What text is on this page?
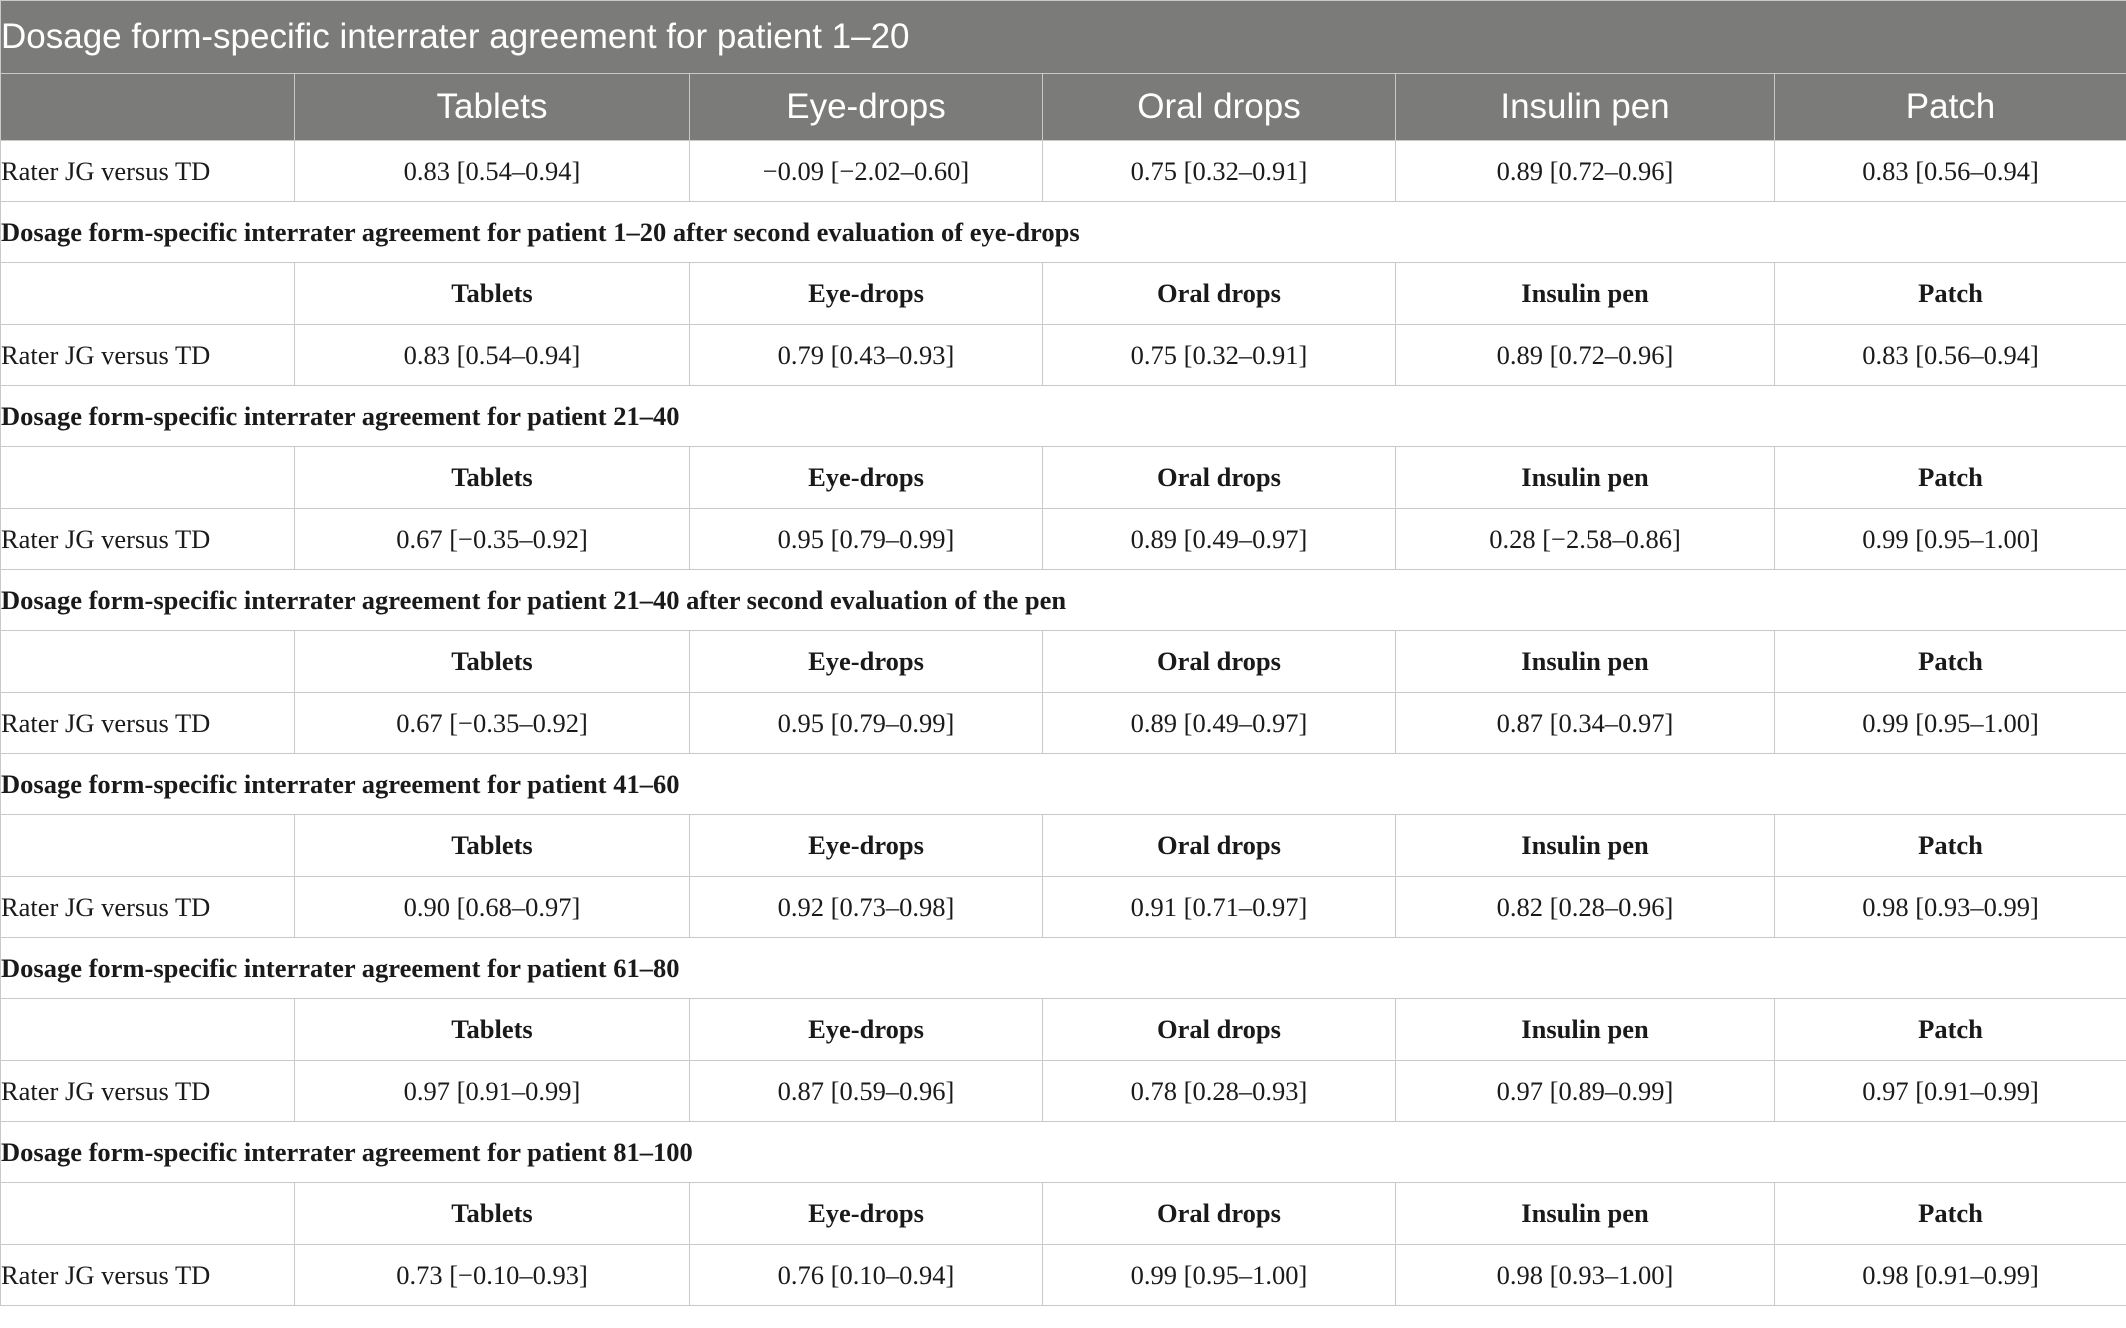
Dosage form-specific interrater agreement for patient 1–20					
	Tablets	Eye-drops	Oral drops	Insulin pen	Patch
Rater JG versus TD	0.83 [0.54–0.94]	−0.09 [−2.02–0.60]	0.75 [0.32–0.91]	0.89 [0.72–0.96]	0.83 [0.56–0.94]
Dosage form-specific interrater agreement for patient 1–20 after second evaluation of eye-drops					
	Tablets	Eye-drops	Oral drops	Insulin pen	Patch
Rater JG versus TD	0.83 [0.54–0.94]	0.79 [0.43–0.93]	0.75 [0.32–0.91]	0.89 [0.72–0.96]	0.83 [0.56–0.94]
Dosage form-specific interrater agreement for patient 21–40					
	Tablets	Eye-drops	Oral drops	Insulin pen	Patch
Rater JG versus TD	0.67 [−0.35–0.92]	0.95 [0.79–0.99]	0.89 [0.49–0.97]	0.28 [−2.58–0.86]	0.99 [0.95–1.00]
Dosage form-specific interrater agreement for patient 21–40 after second evaluation of the pen					
	Tablets	Eye-drops	Oral drops	Insulin pen	Patch
Rater JG versus TD	0.67 [−0.35–0.92]	0.95 [0.79–0.99]	0.89 [0.49–0.97]	0.87 [0.34–0.97]	0.99 [0.95–1.00]
Dosage form-specific interrater agreement for patient 41–60					
	Tablets	Eye-drops	Oral drops	Insulin pen	Patch
Rater JG versus TD	0.90 [0.68–0.97]	0.92 [0.73–0.98]	0.91 [0.71–0.97]	0.82 [0.28–0.96]	0.98 [0.93–0.99]
Dosage form-specific interrater agreement for patient 61–80					
	Tablets	Eye-drops	Oral drops	Insulin pen	Patch
Rater JG versus TD	0.97 [0.91–0.99]	0.87 [0.59–0.96]	0.78 [0.28–0.93]	0.97 [0.89–0.99]	0.97 [0.91–0.99]
Dosage form-specific interrater agreement for patient 81–100					
	Tablets	Eye-drops	Oral drops	Insulin pen	Patch
Rater JG versus TD	0.73 [−0.10–0.93]	0.76 [0.10–0.94]	0.99 [0.95–1.00]	0.98 [0.93–1.00]	0.98 [0.91–0.99]
